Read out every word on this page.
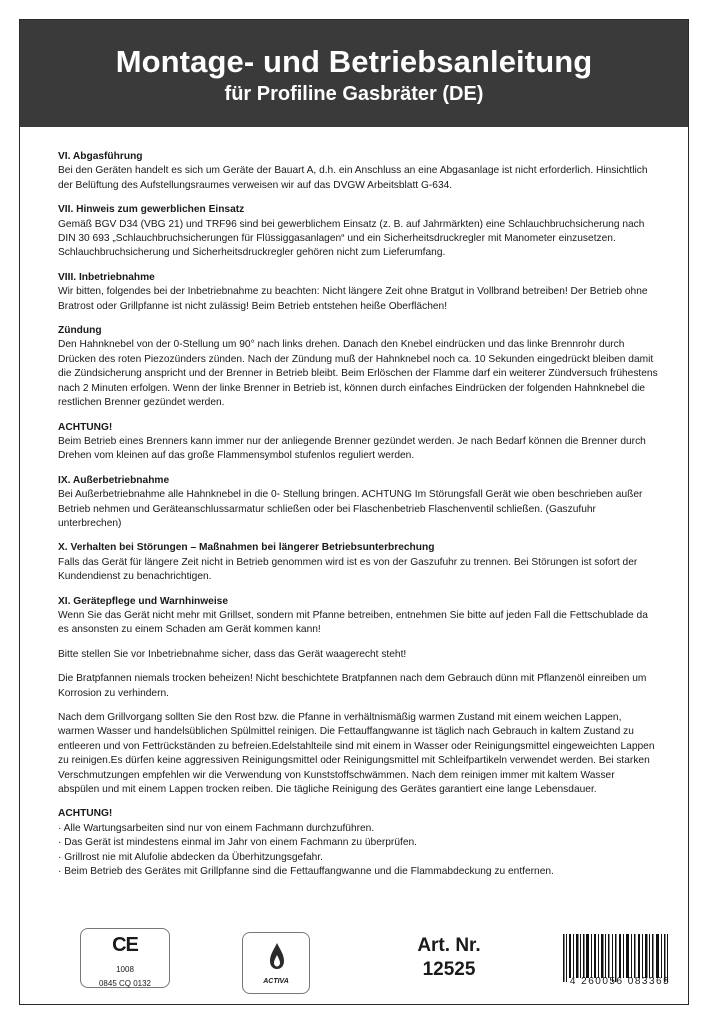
Montage- und Betriebsanleitung
für Profiline Gasbräter (DE)
VI. Abgasführung

Bei den Geräten handelt es sich um Geräte der Bauart A, d.h. ein Anschluss an eine Abgasanlage ist nicht erforderlich. Hinsichtlich der Belüftung des Aufstellungsraumes verweisen wir auf das DVGW Arbeitsblatt G-634.

VII. Hinweis zum gewerblichen Einsatz

Gemäß BGV D34 (VBG 21) und TRF96 sind bei gewerblichem Einsatz (z. B. auf Jahrmärkten) eine Schlauchbruchsicherung nach DIN 30 693 „Schlauchbruchsicherungen für Flüssiggasanlagen“ und ein Sicherheitsdruckregler mit Manometer einzusetzen. Schlauchbruchsicherung und Sicherheitsdruckregler gehören nicht zum Lieferumfang.

VIII. Inbetriebnahme

Wir bitten, folgendes bei der Inbetriebnahme zu beachten: Nicht längere Zeit ohne Bratgut in Vollbrand betreiben! Der Betrieb ohne Bratrost oder Grillpfanne ist nicht zulässig! Beim Betrieb entstehen heiße Oberflächen!

Zündung

Den Hahnknebel von der 0-Stellung um 90° nach links drehen. Danach den Knebel eindrücken und das linke Brennrohr durch Drücken des roten Piezozünders zünden. Nach der Zündung muß der Hahnknebel noch ca. 10 Sekunden eingedrückt bleiben damit die Zündsicherung anspricht und der Brenner in Betrieb bleibt. Beim Erlöschen der Flamme darf ein weiterer Zündversuch frühestens nach 2 Minuten erfolgen. Wenn der linke Brenner in Betrieb ist, können durch einfaches Eindrücken der folgenden Hahnknebel die restlichen Brenner gezündet werden.

ACHTUNG!

Beim Betrieb eines Brenners kann immer nur der anliegende Brenner gezündet werden. Je nach Bedarf können die Brenner durch Drehen vom kleinen auf das große Flammensymbol stufenlos reguliert werden.

IX. Außerbetriebnahme

Bei Außerbetriebnahme alle Hahnknebel in die 0- Stellung bringen. ACHTUNG Im Störungsfall Gerät wie oben beschrieben außer Betrieb nehmen und Geräteanschlussarmatur schließen oder bei Flaschenbetrieb Flaschenventil schließen. (Gaszufuhr unterbrechen)

X. Verhalten bei Störungen – Maßnahmen bei längerer Betriebsunterbrechung

Falls das Gerät für längere Zeit nicht in Betrieb genommen wird ist es von der Gaszufuhr zu trennen. Bei Störungen ist sofort der Kundendienst zu benachrichtigen.

XI. Gerätepflege und Warnhinweise

Wenn Sie das Gerät nicht mehr mit Grillset, sondern mit Pfanne betreiben, entnehmen Sie bitte auf jeden Fall die Fettschublade da es ansonsten zu einem Schaden am Gerät kommen kann!

Bitte stellen Sie vor Inbetriebnahme sicher, dass das Gerät waagerecht steht!

Die Bratpfannen niemals trocken beheizen! Nicht beschichtete Bratpfannen nach dem Gebrauch dünn mit Pflanzenöl einreiben um Korrosion zu verhindern.

Nach dem Grillvorgang sollten Sie den Rost bzw. die Pfanne in verhältnismäßig warmen Zustand mit einem weichen Lappen, warmen Wasser und handelsüblichen Spülmittel reinigen. Die Fettauffangwanne ist täglich nach Gebrauch in kaltem Zustand zu entleeren und von Fettrückständen zu befreien.Edelstahlteile sind mit einem in Wasser oder Reinigungsmittel eingeweichten Lappen zu reinigen.Es dürfen keine aggressiven Reinigungsmittel oder Reinigungsmittel mit Schleifpartikeln verwendet werden. Bei starken Verschmutzungen empfehlen wir die Verwendung von Kunststoffschwämmen. Nach dem reinigen immer mit kaltem Wasser abspülen und mit einem Lappen trocken reiben. Die tägliche Reinigung des Gerätes garantiert eine lange Lebensdauer.

ACHTUNG!
· Alle Wartungsarbeiten sind nur von einem Fachmann durchzuführen.
· Das Gerät ist mindestens einmal im Jahr von einem Fachmann zu überprüfen.
· Grillrost nie mit Alufolie abdecken da Überhitzungsgefahr.
· Beim Betrieb des Gerätes mit Grillpfanne sind die Fettauffangwanne und die Flammabdeckung zu entfernen.
CE
1008
0845 CQ 0132	ACTIVA
Art. Nr.
12525
4 260056 083365
